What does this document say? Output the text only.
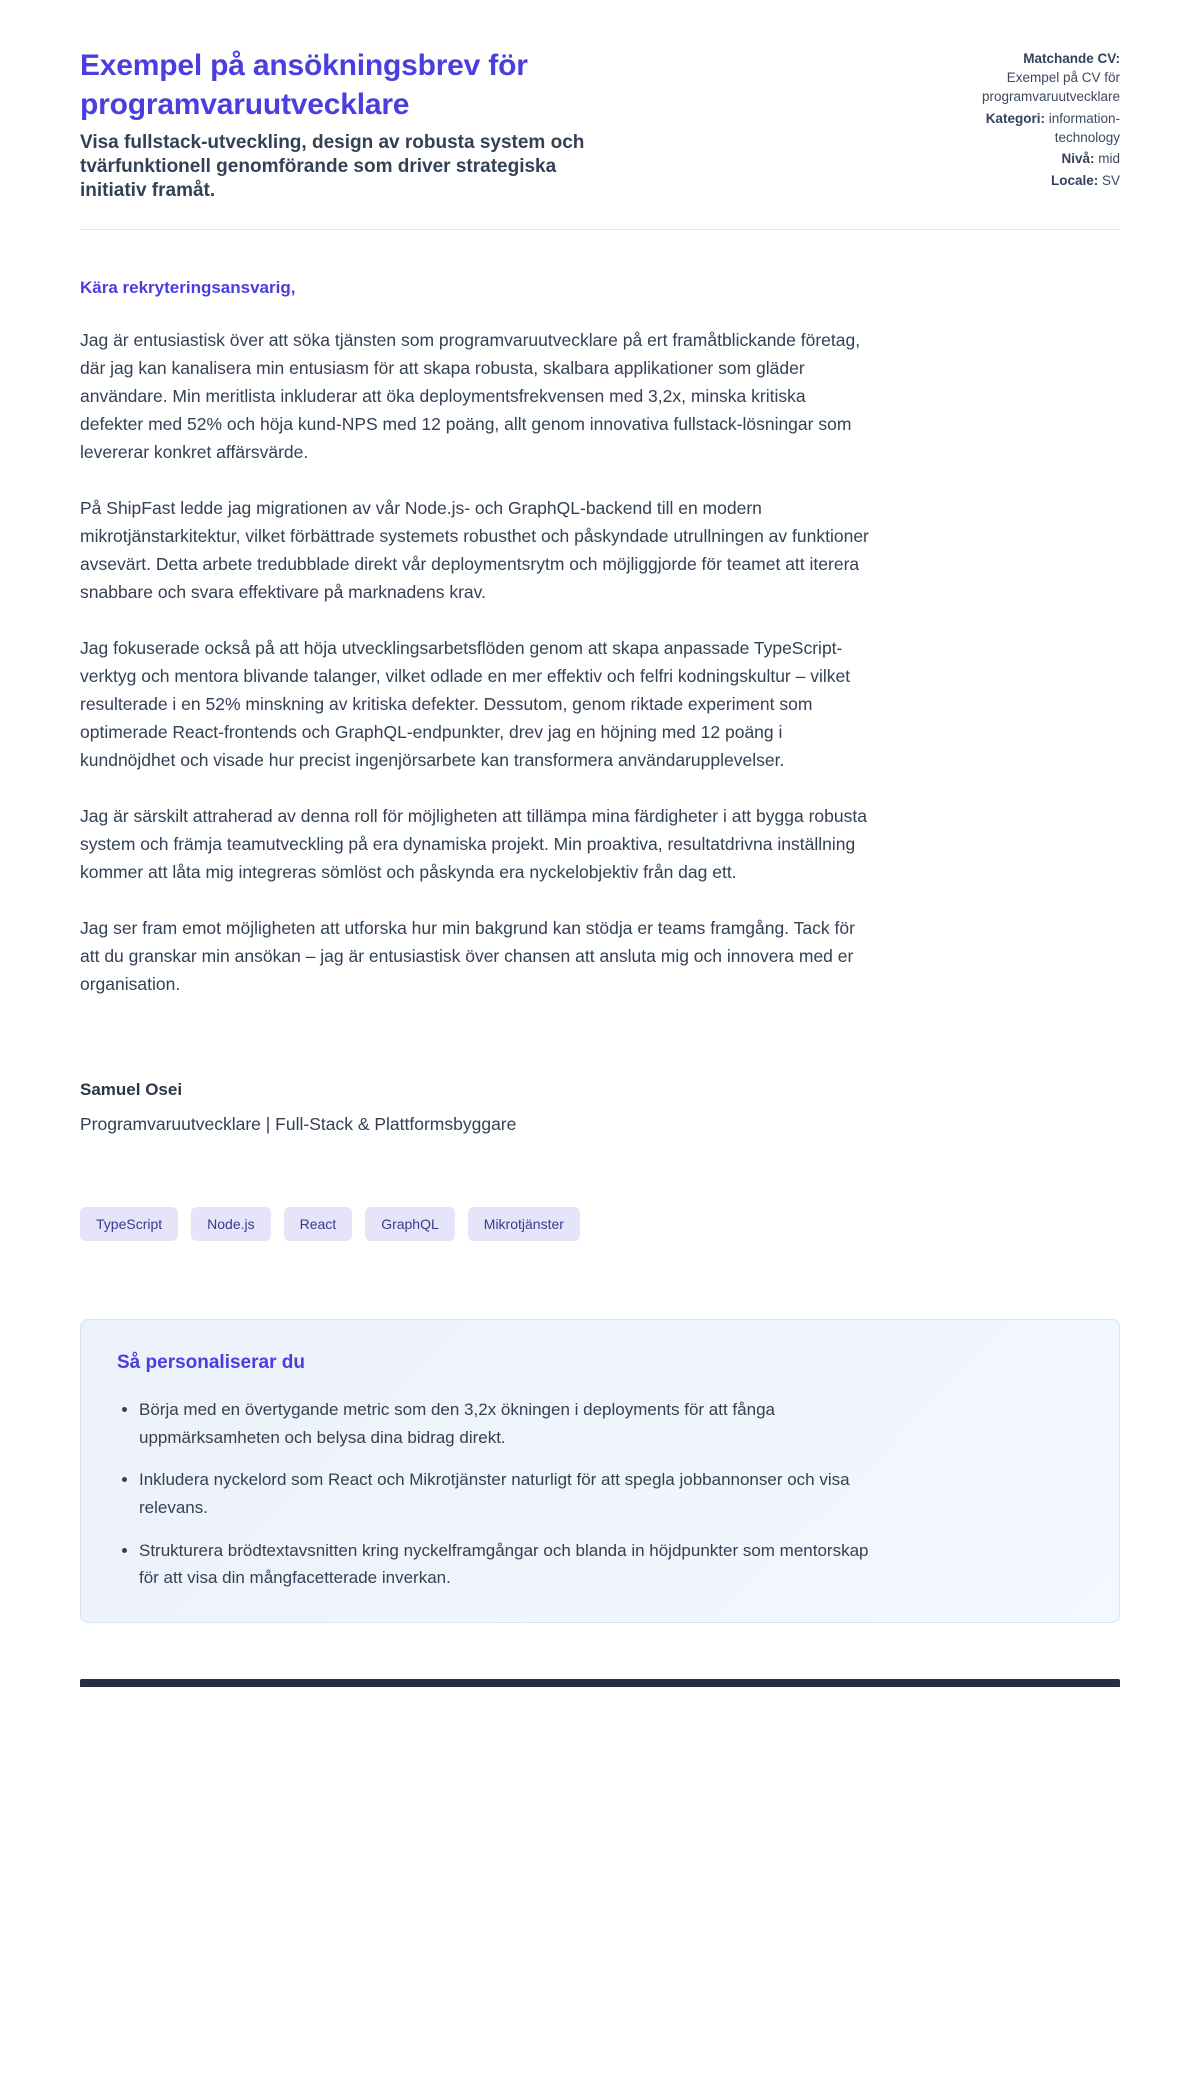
Exempel på ansökningsbrev för programvaruutvecklare

Visa fullstack-utveckling, design av robusta system och tvärfunktionell genomförande som driver strategiska initiativ framåt.

Matchande CV:
Exempel på CV för programvaruutvecklare
Kategori: information-technology
Nivå: mid
Locale: SV

Kära rekryteringsansvarig,

Jag är entusiastisk över att söka tjänsten som programvaruutvecklare på ert framåtblickande företag, där jag kan kanalisera min entusiasm för att skapa robusta, skalbara applikationer som gläder användare. Min meritlista inkluderar att öka deploymentsfrekvensen med 3,2x, minska kritiska defekter med 52% och höja kund-NPS med 12 poäng, allt genom innovativa fullstack-lösningar som levererar konkret affärsvärde.

På ShipFast ledde jag migrationen av vår Node.js- och GraphQL-backend till en modern mikrotjänstarkitektur, vilket förbättrade systemets robusthet och påskyndade utrullningen av funktioner avsevärt. Detta arbete tredubblade direkt vår deploymentsrytm och möjliggjorde för teamet att iterera snabbare och svara effektivare på marknadens krav.

Jag fokuserade också på att höja utvecklingsarbetsflöden genom att skapa anpassade TypeScript-verktyg och mentora blivande talanger, vilket odlade en mer effektiv och felfri kodningskultur – vilket resulterade i en 52% minskning av kritiska defekter. Dessutom, genom riktade experiment som optimerade React-frontends och GraphQL-endpunkter, drev jag en höjning med 12 poäng i kundnöjdhet och visade hur precist ingenjörsarbete kan transformera användarupplevelser.

Jag är särskilt attraherad av denna roll för möjligheten att tillämpa mina färdigheter i att bygga robusta system och främja teamutveckling på era dynamiska projekt. Min proaktiva, resultatdrivna inställning kommer att låta mig integreras sömlöst och påskynda era nyckelobjektiv från dag ett.

Jag ser fram emot möjligheten att utforska hur min bakgrund kan stödja er teams framgång. Tack för att du granskar min ansökan – jag är entusiastisk över chansen att ansluta mig och innovera med er organisation.

Samuel Osei

Programvaruutvecklare | Full-Stack & Plattformsbyggare

TypeScript	Node.js	React	GraphQL	Mikrotjänster
Så personaliserar du
• Börja med en övertygande metric som den 3,2x ökningen i deployments för att fånga uppmärksamheten och belysa dina bidrag direkt.
• Inkludera nyckelord som React och Mikrotjänster naturligt för att spegla jobbannonser och visa relevans.
• Strukturera brödtextavsnitten kring nyckelframgångar och blanda in höjdpunkter som mentorskap för att visa din mångfacetterade inverkan.
